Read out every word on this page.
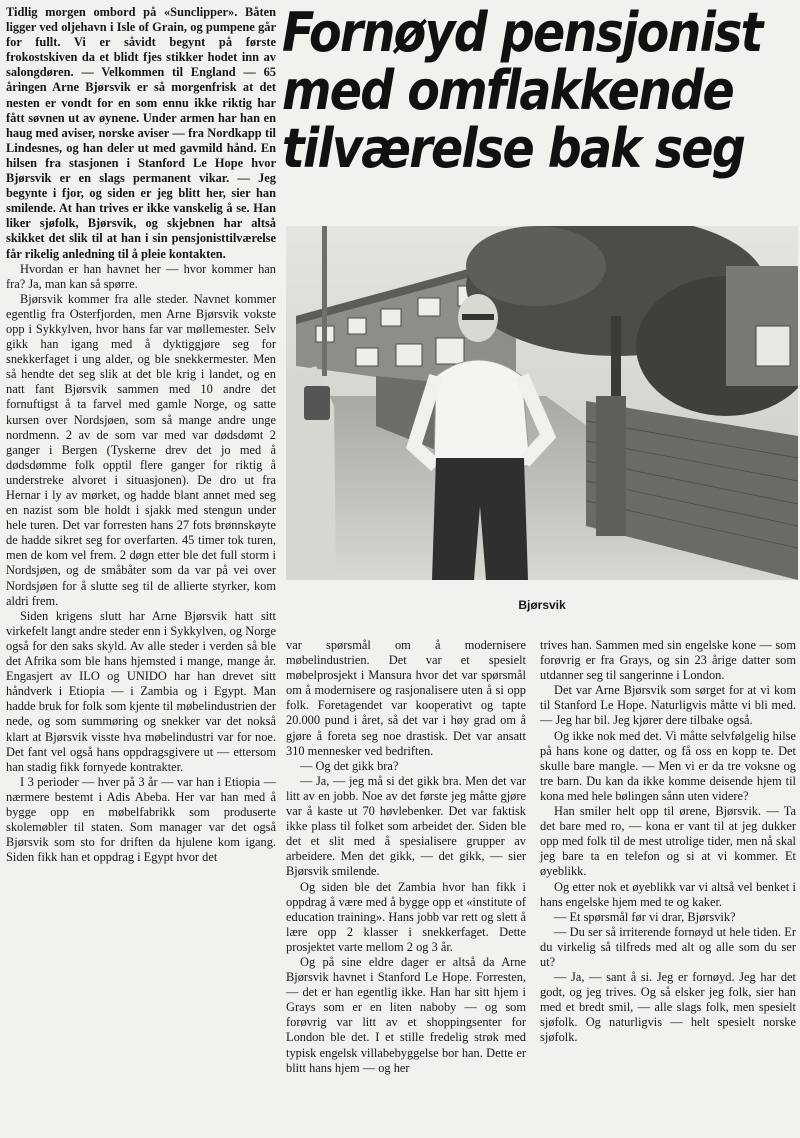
Tidlig morgen ombord på «Sunclipper». Båten ligger ved oljehavn i Isle of Grain, og pumpene går for fullt. Vi er såvidt begynt på første frokostskiven da et blidt fjes stikker hodet inn av salongdøren. — Velkommen til England — 65 åringen Arne Bjørsvik er så morgenfrisk at det nesten er vondt for en som ennu ikke riktig har fått søvnen ut av øynene. Under armen har han en haug med aviser, norske aviser — fra Nordkapp til Lindesnes, og han deler ut med gavmild hånd. En hilsen fra stasjonen i Stanford Le Hope hvor Bjørsvik er en slags permanent vikar. — Jeg begynte i fjor, og siden er jeg blitt her, sier han smilende. At han trives er ikke vanskelig å se. Han liker sjøfolk, Bjørsvik, og skjebnen har altså skikket det slik til at han i sin pensjonisttilværelse får rikelig anledning til å pleie kontakten.

Hvordan er han havnet her — hvor kommer han fra? Ja, man kan så spørre.

Bjørsvik kommer fra alle steder. Navnet kommer egentlig fra Osterfjorden, men Arne Bjørsvik vokste opp i Sykkylven, hvor hans far var møllemester. Selv gikk han igang med å dyktiggjøre seg for snekkerfaget i ung alder, og ble snekkermester. Men så hendte det seg slik at det ble krig i landet, og en natt fant Bjørsvik sammen med 10 andre det fornuftigst å ta farvel med gamle Norge, og satte kursen over Nordsjøen, som så mange andre unge nordmenn. 2 av de som var med var dødsdømt 2 ganger i Bergen (Tyskerne drev det jo med å dødsdømme folk opptil flere ganger for riktig å understreke alvoret i situasjonen). De dro ut fra Hernar i ly av mørket, og hadde blant annet med seg en nazist som ble holdt i sjakk med stengun under hele turen. Det var forresten hans 27 fots brønnskøyte de hadde sikret seg for overfarten. 45 timer tok turen, men de kom vel frem. 2 døgn etter ble det full storm i Nordsjøen, og de småbåter som da var på vei over Nordsjøen for å slutte seg til de allierte styrker, kom aldri frem.

Siden krigens slutt har Arne Bjørsvik hatt sitt virkefelt langt andre steder enn i Sykkylven, og Norge også for den saks skyld. Av alle steder i verden så ble det Afrika som ble hans hjemsted i mange, mange år. Engasjert av ILO og UNIDO har han drevet sitt håndverk i Etiopia — i Zambia og i Egypt. Man hadde bruk for folk som kjente til møbelindustrien der nede, og som summøring og snekker var det nokså klart at Bjørsvik visste hva møbelindustri var for noe. Det fant vel også hans oppdragsgivere ut — ettersom han stadig fikk fornyede kontrakter.

I 3 perioder — hver på 3 år — var han i Etiopia — nærmere bestemt i Adis Abeba. Her var han med å bygge opp en møbelfabrikk som produserte skolemøbler til staten. Som manager var det også Bjørsvik som sto for driften da hjulene kom igang. Siden fikk han et oppdrag i Egypt hvor det

Fornøyd pensjonist
med omflakkende
tilværelse bak seg
Bjørsvik

var spørsmål om å modernisere møbelindustrien. Det var et spesielt møbelprosjekt i Mansura hvor det var spørsmål om å modernisere og rasjonalisere uten å si opp folk. Foretagendet var kooperativt og tapte 20.000 pund i året, så det var i høy grad om å gjøre å foreta seg noe drastisk. Det var ansatt 310 mennesker ved bedriften.

— Og det gikk bra?

— Ja, — jeg må si det gikk bra. Men det var litt av en jobb. Noe av det første jeg måtte gjøre var å kaste ut 70 høvlebenker. Det var faktisk ikke plass til folket som arbeidet der. Siden ble det et slit med å spesialisere grupper av arbeidere. Men det gikk, — det gikk, — sier Bjørsvik smilende.

Og siden ble det Zambia hvor han fikk i oppdrag å være med å bygge opp et «institute of education training». Hans jobb var rett og slett å lære opp 2 klasser i snekkerfaget. Dette prosjektet varte mellom 2 og 3 år.

Og på sine eldre dager er altså da Arne Bjørsvik havnet i Stanford Le Hope. Forresten, — det er han egentlig ikke. Han har sitt hjem i Grays som er en liten naboby — og som forøvrig var litt av et shoppingsenter for London ble det. I et stille fredelig strøk med typisk engelsk villabebyggelse bor han. Dette er blitt hans hjem — og her

trives han. Sammen med sin engelske kone — som forøvrig er fra Grays, og sin 23 årige datter som utdanner seg til sangerinne i London.

Det var Arne Bjørsvik som sørget for at vi kom til Stanford Le Hope. Naturligvis måtte vi bli med. — Jeg har bil. Jeg kjører dere tilbake også.

Og ikke nok med det. Vi måtte selvfølgelig hilse på hans kone og datter, og få oss en kopp te. Det skulle bare mangle. — Men vi er da tre voksne og tre barn. Du kan da ikke komme deisende hjem til kona med hele bølingen sånn uten videre?

Han smiler helt opp til ørene, Bjørsvik. — Ta det bare med ro, — kona er vant til at jeg dukker opp med folk til de mest utrolige tider, men nå skal jeg bare ta en telefon og si at vi kommer. Et øyeblikk.

Og etter nok et øyeblikk var vi altså vel benket i hans engelske hjem med te og kaker.

— Et spørsmål før vi drar, Bjørsvik?

— Du ser så irriterende fornøyd ut hele tiden. Er du virkelig så tilfreds med alt og alle som du ser ut?

— Ja, — sant å si. Jeg er fornøyd. Jeg har det godt, og jeg trives. Og så elsker jeg folk, sier han med et bredt smil, — alle slags folk, men spesielt sjøfolk. Og naturligvis — helt spesielt norske sjøfolk.
